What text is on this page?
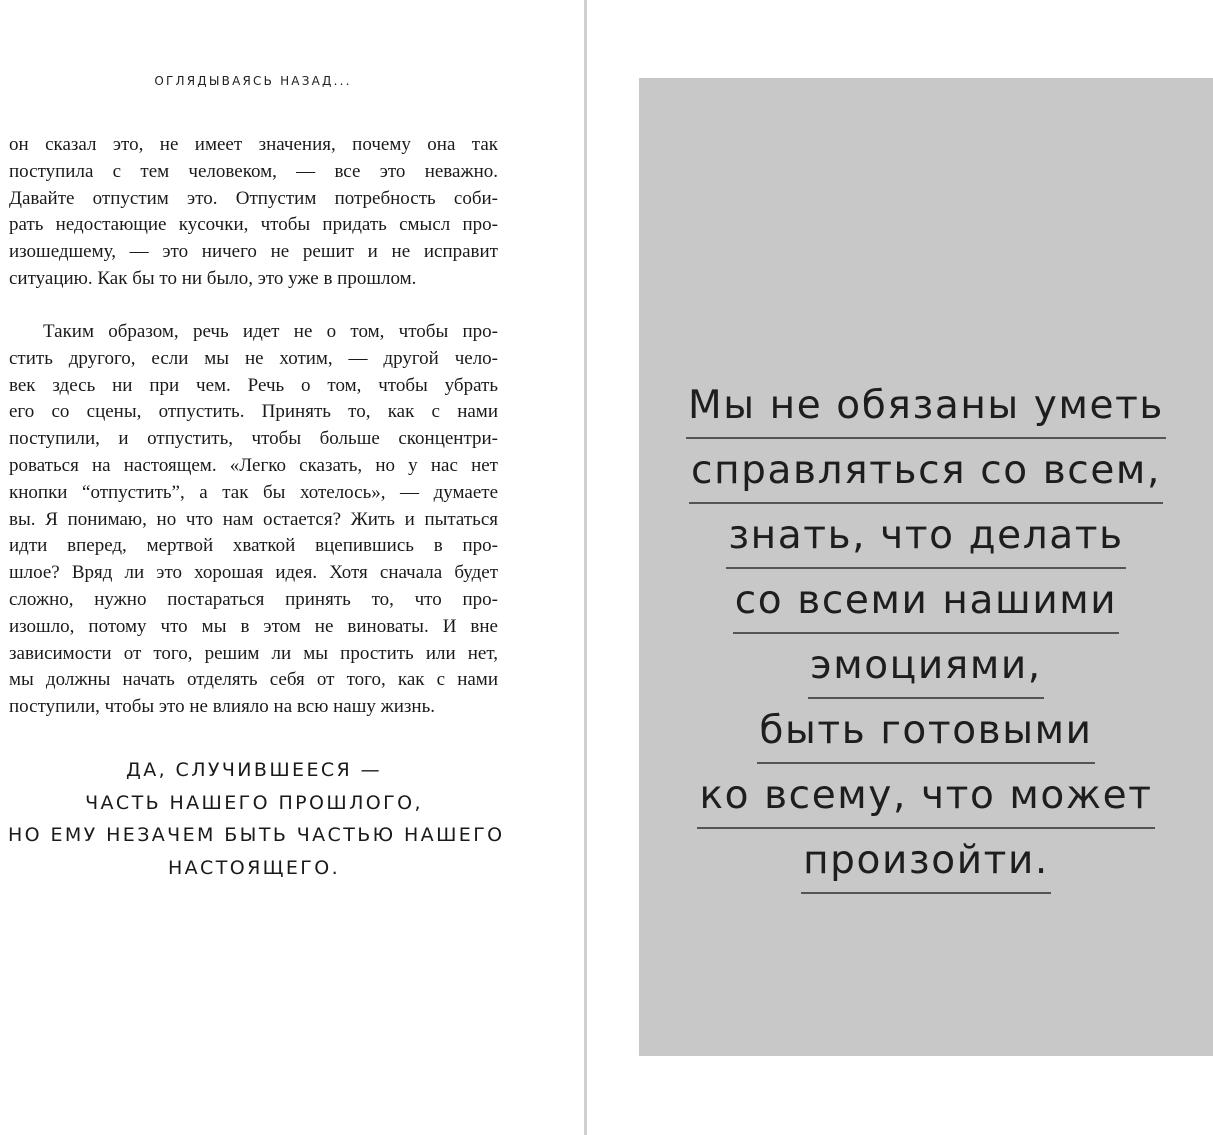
ОГЛЯДЫВАЯСЬ НАЗАД...
он сказал это, не имеет значения, почему она так
поступила с тем человеком, — все это неважно.
Давайте отпустим это. Отпустим потребность соби-
рать недостающие кусочки, чтобы придать смысл про-
изошедшему, — это ничего не решит и не исправит
ситуацию. Как бы то ни было, это уже в прошлом.
Таким образом, речь идет не о том, чтобы про-
стить другого, если мы не хотим, — другой чело-
век здесь ни при чем. Речь о том, чтобы убрать
его со сцены, отпустить. Принять то, как с нами
поступили, и отпустить, чтобы больше сконцентри-
роваться на настоящем. «Легко сказать, но у нас нет
кнопки “отпустить”, а так бы хотелось», — думаете
вы. Я понимаю, но что нам остается? Жить и пытаться
идти вперед, мертвой хваткой вцепившись в про-
шлое? Вряд ли это хорошая идея. Хотя сначала будет
сложно, нужно постараться принять то, что про-
изошло, потому что мы в этом не виноваты. И вне
зависимости от того, решим ли мы простить или нет,
мы должны начать отделять себя от того, как с нами
поступили, чтобы это не влияло на всю нашу жизнь.
ДА, СЛУЧИВШЕЕСЯ —
ЧАСТЬ НАШЕГО ПРОШЛОГО,
НО ЕМУ НЕЗАЧЕМ БЫТЬ ЧАСТЬЮ НАШЕГО
НАСТОЯЩЕГО.
Мы не обязаны уметь
справляться со всем,
знать, что делать
со всеми нашими
эмоциями,
быть готовыми
ко всему, что может
произойти.
